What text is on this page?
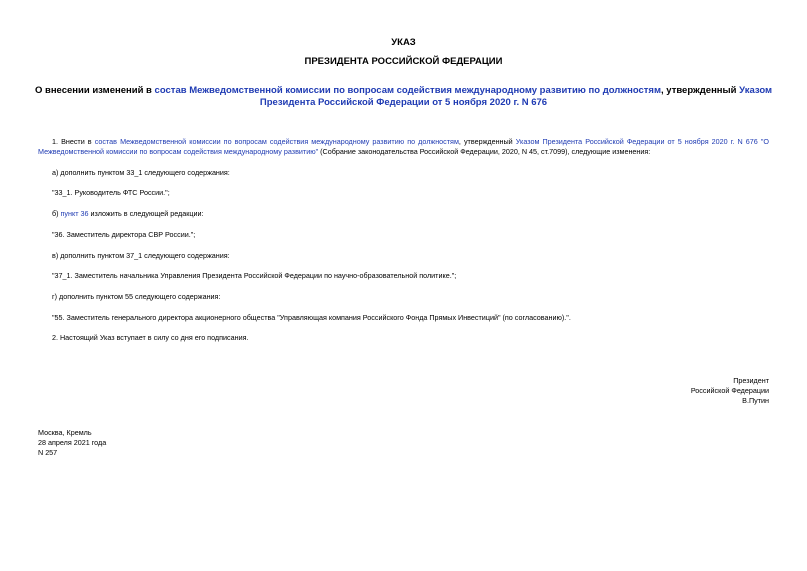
УКАЗ
ПРЕЗИДЕНТА РОССИЙСКОЙ ФЕДЕРАЦИИ
О внесении изменений в состав Межведомственной комиссии по вопросам содействия международному развитию по должностям, утвержденный Указом Президента Российской Федерации от 5 ноября 2020 г. N 676
1. Внести в состав Межведомственной комиссии по вопросам содействия международному развитию по должностям, утвержденный Указом Президента Российской Федерации от 5 ноября 2020 г. N 676 "О Межведомственной комиссии по вопросам содействия международному развитию" (Собрание законодательства Российской Федерации, 2020, N 45, ст.7099), следующие изменения:
а) дополнить пунктом 33_1 следующего содержания:
"33_1. Руководитель ФТС России.";
б) пункт 36 изложить в следующей редакции:
"36. Заместитель директора СВР России.";
в) дополнить пунктом 37_1 следующего содержания:
"37_1. Заместитель начальника Управления Президента Российской Федерации по научно-образовательной политике.";
г) дополнить пунктом 55 следующего содержания:
"55. Заместитель генерального директора акционерного общества "Управляющая компания Российского Фонда Прямых Инвестиций" (по согласованию).".
2. Настоящий Указ вступает в силу со дня его подписания.
Президент
Российской Федерации
В.Путин
Москва, Кремль
28 апреля 2021 года
N 257
